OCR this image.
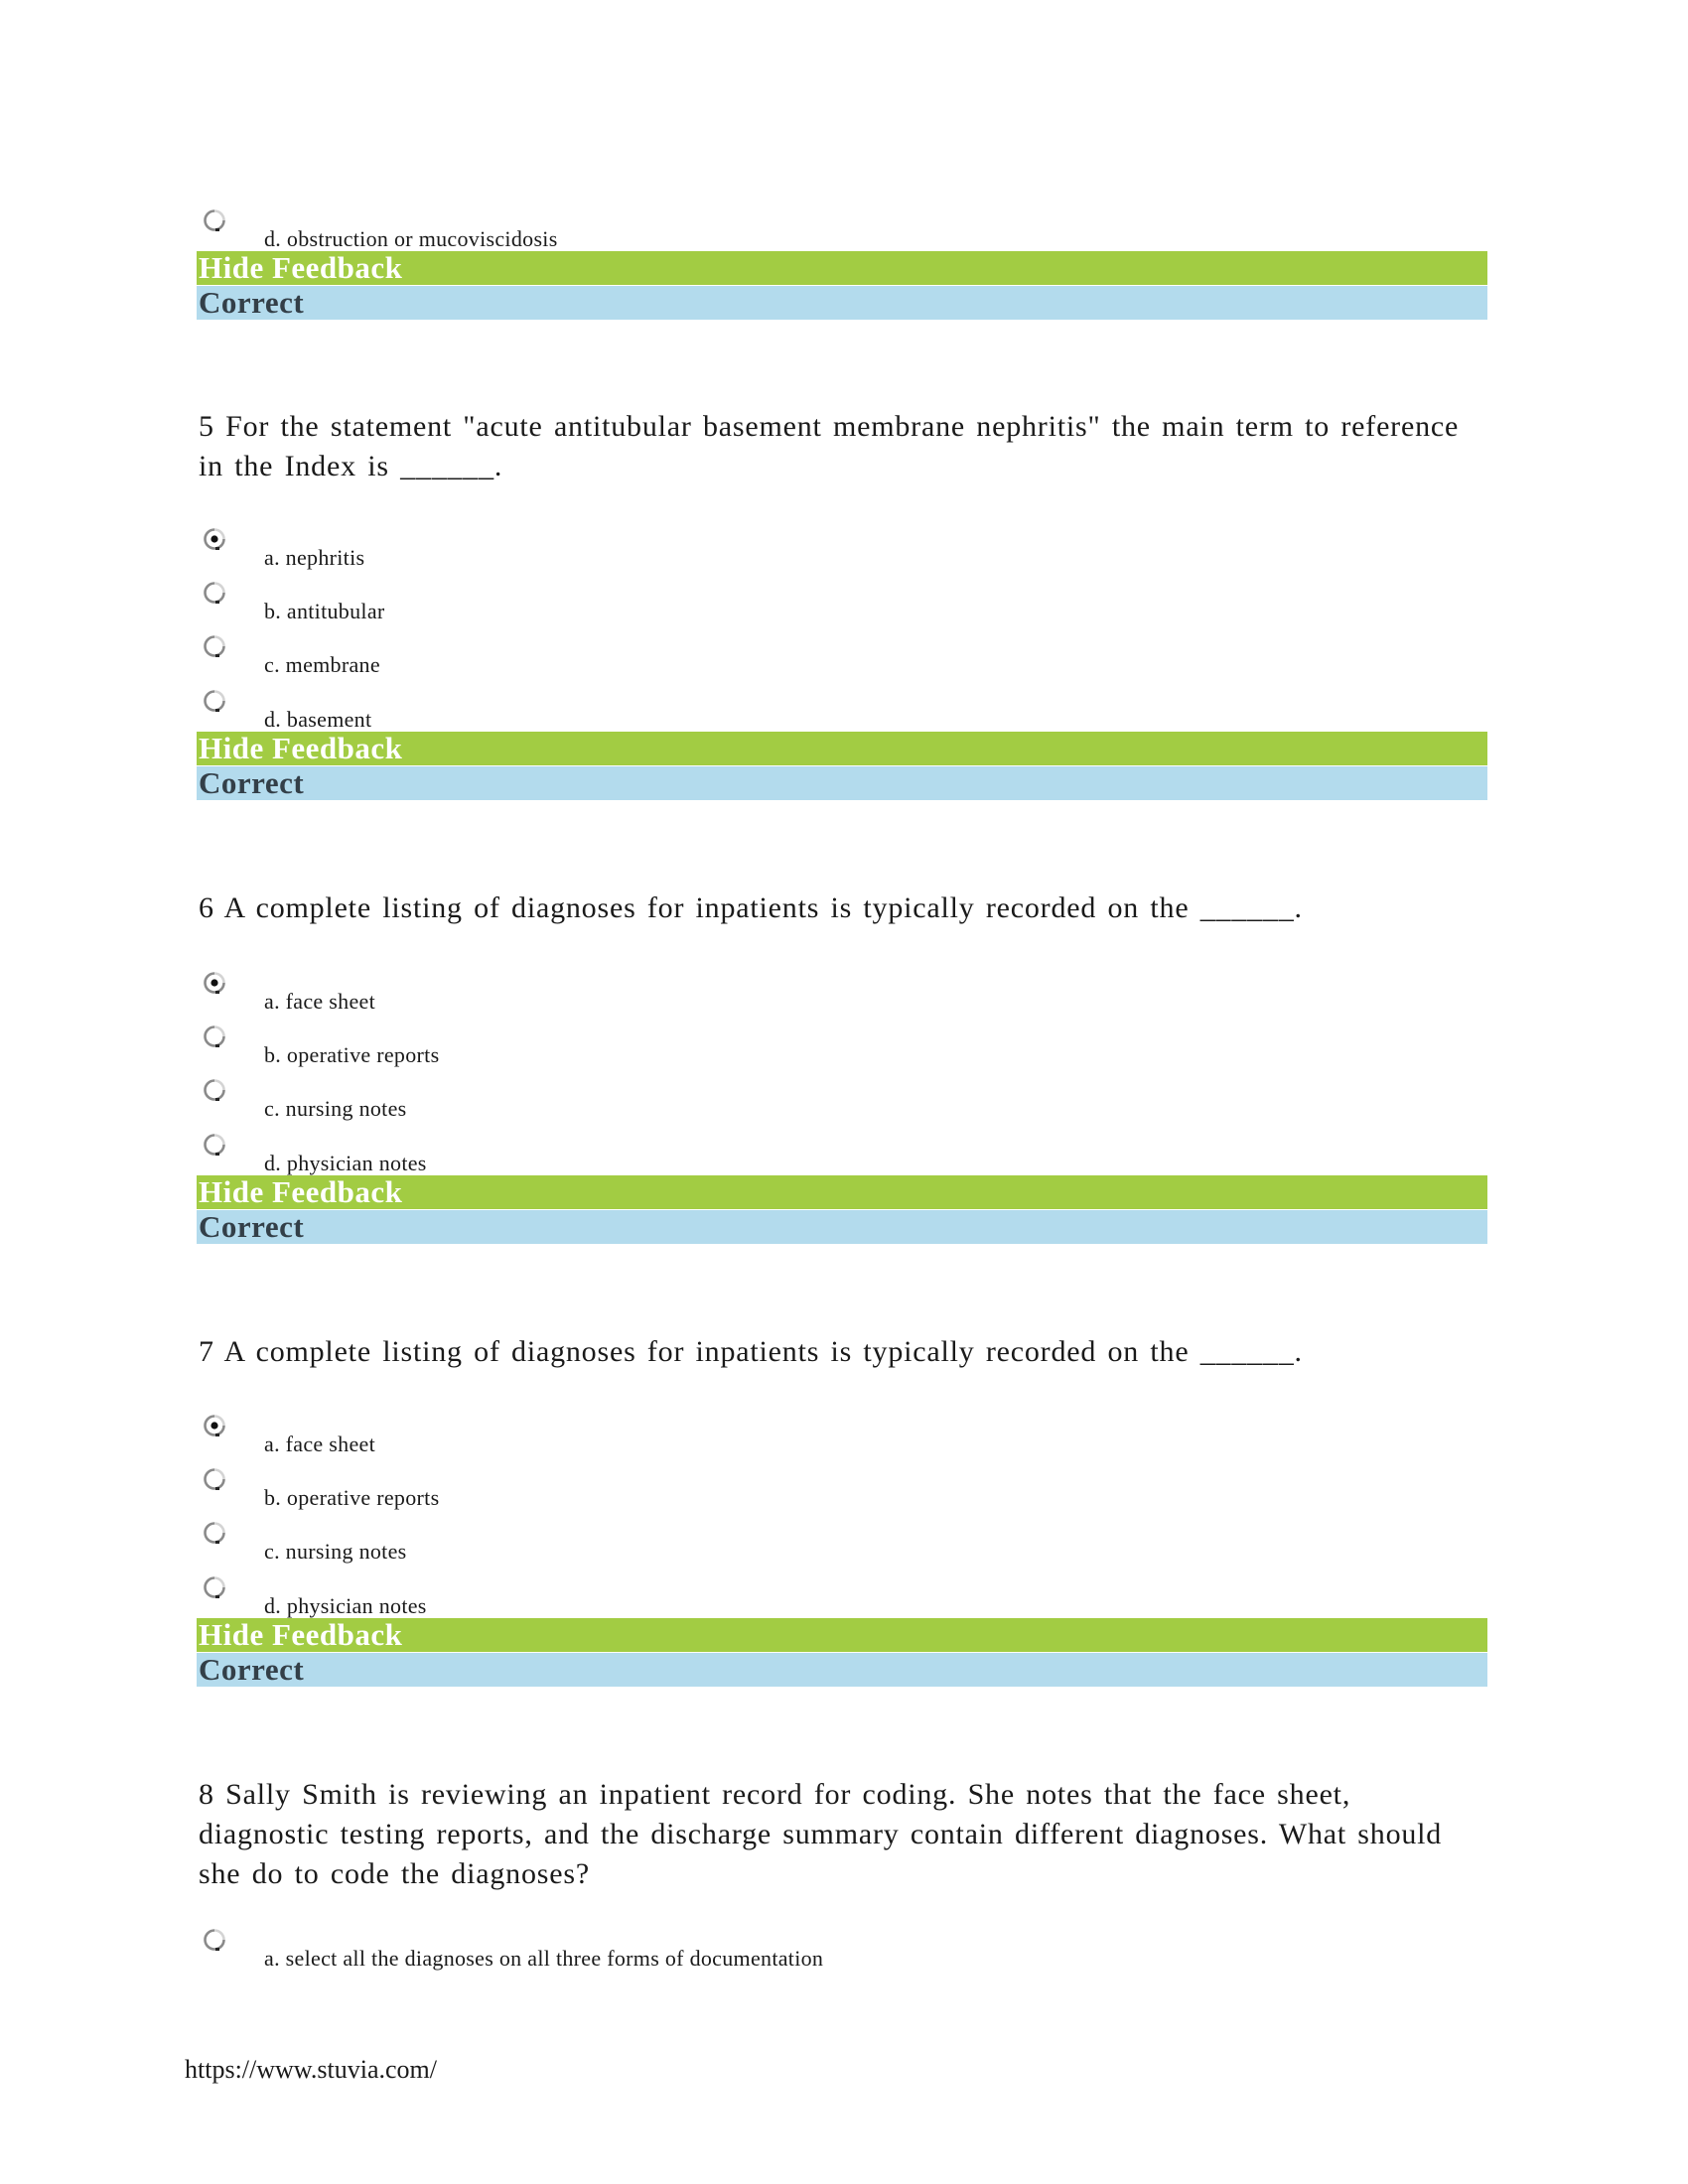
d. obstruction or mucoviscidosis
Hide Feedback
Correct
5 For the statement "acute antitubular basement membrane nephritis" the main term to reference in the Index is ______.
a. nephritis
b. antitubular
c. membrane
d. basement
Hide Feedback
Correct
6 A complete listing of diagnoses for inpatients is typically recorded on the ______.
a. face sheet
b. operative reports
c. nursing notes
d. physician notes
Hide Feedback
Correct
7 A complete listing of diagnoses for inpatients is typically recorded on the ______.
a. face sheet
b. operative reports
c. nursing notes
d. physician notes
Hide Feedback
Correct
8 Sally Smith is reviewing an inpatient record for coding. She notes that the face sheet, diagnostic testing reports, and the discharge summary contain different diagnoses. What should she do to code the diagnoses?
a. select all the diagnoses on all three forms of documentation
https://www.stuvia.com/
